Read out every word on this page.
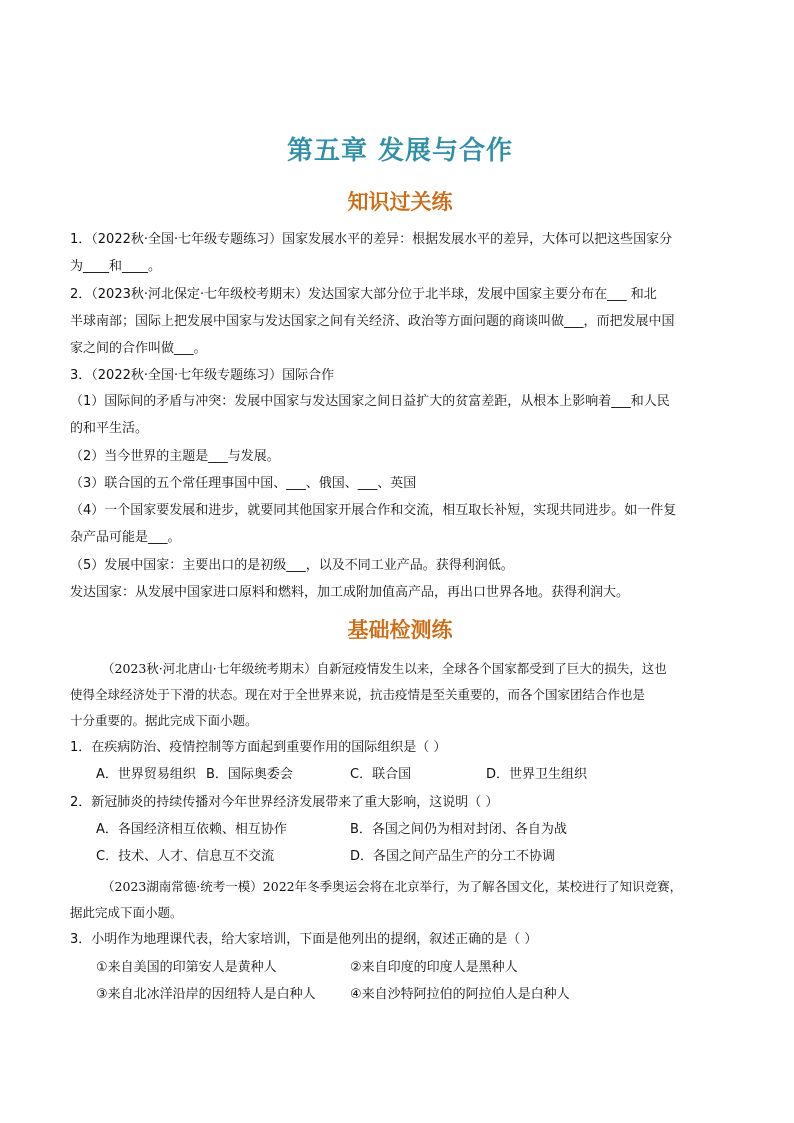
第五章 发展与合作
知识过关练
1．（2022秋·全国·七年级专题练习）国家发展水平的差异：根据发展水平的差异，大体可以把这些国家分
为____和____。
2．（2023秋·河北保定·七年级校考期末）发达国家大部分位于北半球，发展中国家主要分布在___ 和北
半球南部；国际上把发展中国家与发达国家之间有关经济、政治等方面问题的商谈叫做___，而把发展中国
家之间的合作叫做___。
3．（2022秋·全国·七年级专题练习）国际合作
（1）国际间的矛盾与冲突：发展中国家与发达国家之间日益扩大的贫富差距，从根本上影响着___和人民
的和平生活。
（2）当今世界的主题是___与发展。
（3）联合国的五个常任理事国中国、___、俄国、___、英国
（4）一个国家要发展和进步，就要同其他国家开展合作和交流，相互取长补短，实现共同进步。如一件复
杂产品可能是___。
（5）发展中国家：主要出口的是初级___，以及不同工业产品。获得利润低。
发达国家：从发展中国家进口原料和燃料，加工成附加值高产品，再出口世界各地。获得利润大。
基础检测练
（2023秋·河北唐山·七年级统考期末）自新冠疫情发生以来，全球各个国家都受到了巨大的损失，这也
使得全球经济处于下滑的状态。现在对于全世界来说，抗击疫情是至关重要的，而各个国家团结合作也是
十分重要的。据此完成下面小题。
1．在疾病防治、疫情控制等方面起到重要作用的国际组织是（ ）
A．世界贸易组织 B．国际奥委会	C．联合国	D．世界卫生组织
2．新冠肺炎的持续传播对今年世界经济发展带来了重大影响，这说明（ ）
A．各国经济相互依赖、相互协作	B．各国之间仍为相对封闭、各自为战
C．技术、人才、信息互不交流	D．各国之间产品生产的分工不协调
（2023湖南常德·统考一模）2022年冬季奥运会将在北京举行，为了解各国文化，某校进行了知识竞赛，
据此完成下面小题。
3．小明作为地理课代表，给大家培训，下面是他列出的提纲，叙述正确的是（ ）
①来自美国的印第安人是黄种人	②来自印度的印度人是黑种人
③来自北冰洋沿岸的因纽特人是白种人	④来自沙特阿拉伯的阿拉伯人是白种人
